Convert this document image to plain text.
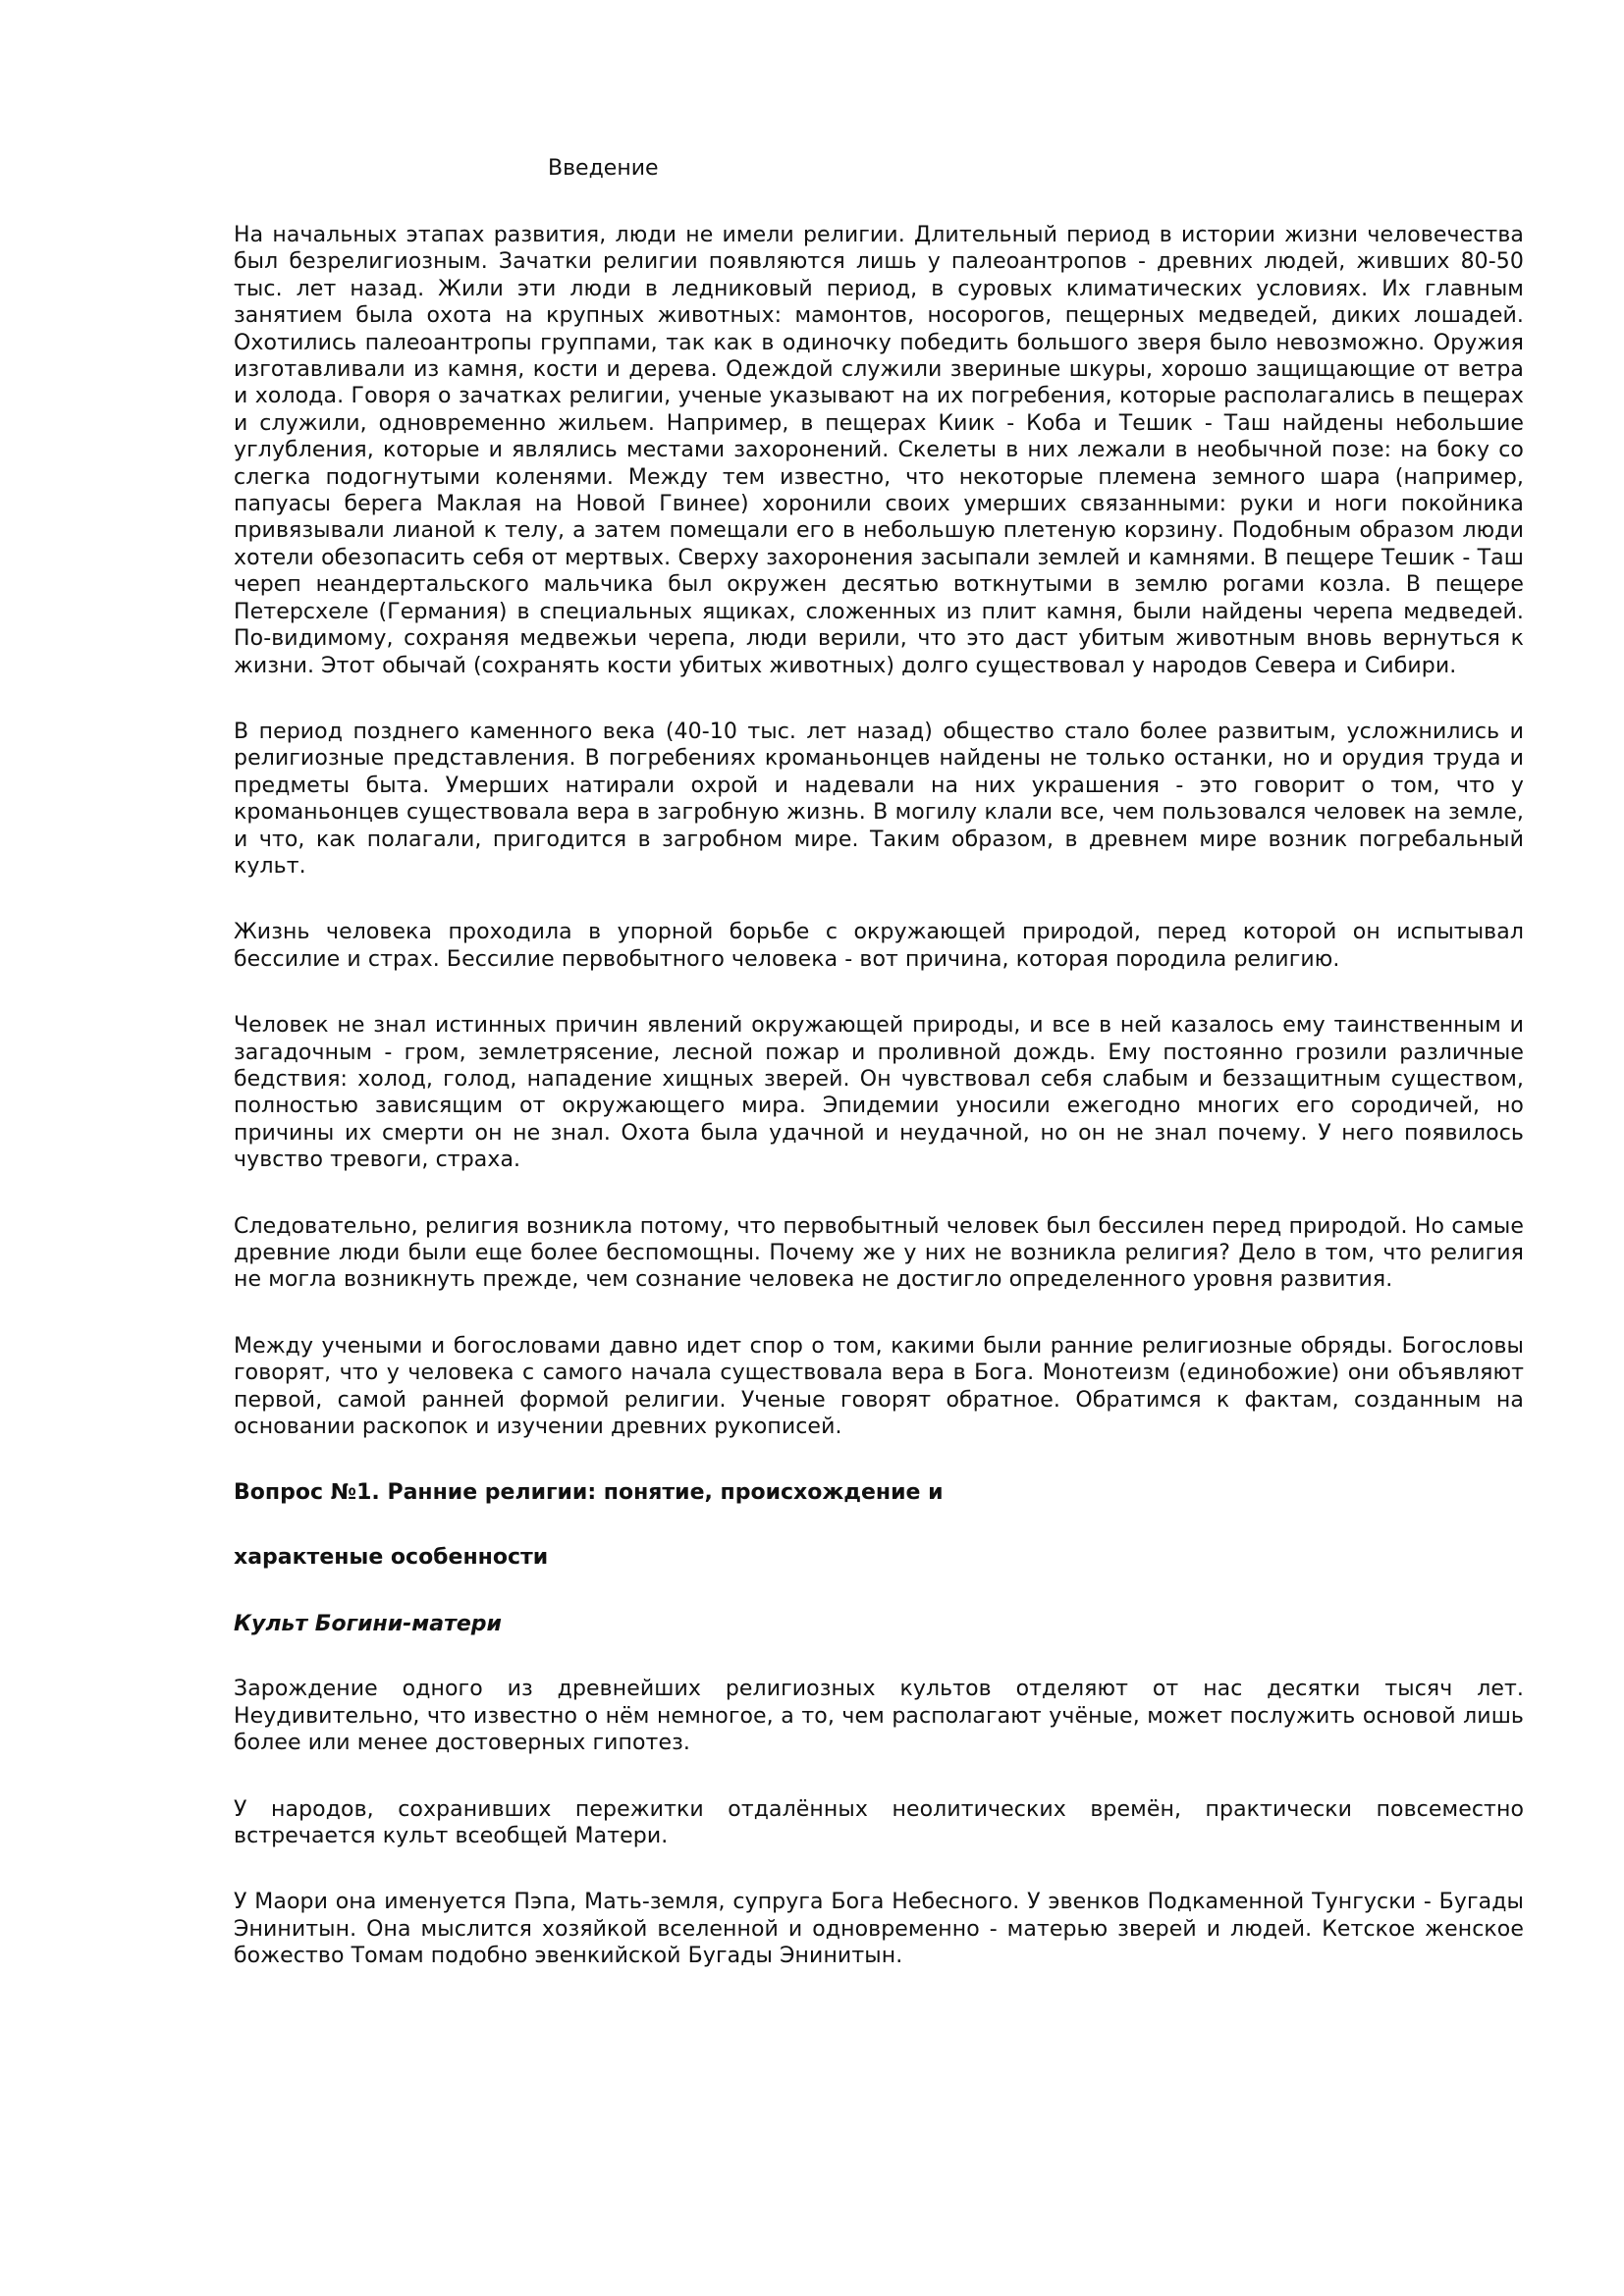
Введение

На начальных этапах развития, люди не имели религии. Длительный период в истории жизни человечества был безрелигиозным. Зачатки религии появляются лишь у палеоантропов - древних людей, живших 80-50 тыс. лет назад. Жили эти люди в ледниковый период, в суровых климатических условиях. Их главным занятием была охота на крупных животных: мамонтов, носорогов, пещерных медведей, диких лошадей. Охотились палеоантропы группами, так как в одиночку победить большого зверя было невозможно. Оружия изготавливали из камня, кости и дерева. Одеждой служили звериные шкуры, хорошо защищающие от ветра и холода. Говоря о зачатках религии, ученые указывают на их погребения, которые располагались в пещерах и служили, одновременно жильем. Например, в пещерах Киик - Коба и Тешик - Таш найдены небольшие углубления, которые и являлись местами захоронений. Скелеты в них лежали в необычной позе: на боку со слегка подогнутыми коленями. Между тем известно, что некоторые племена земного шара (например, папуасы берега Маклая на Новой Гвинее) хоронили своих умерших связанными: руки и ноги покойника привязывали лианой к телу, а затем помещали его в небольшую плетеную корзину. Подобным образом люди хотели обезопасить себя от мертвых. Сверху захоронения засыпали землей и камнями. В пещере Тешик - Таш череп неандертальского мальчика был окружен десятью воткнутыми в землю рогами козла. В пещере Петерсхеле (Германия) в специальных ящиках, сложенных из плит камня, были найдены черепа медведей. По-видимому, сохраняя медвежьи черепа, люди верили, что это даст убитым животным вновь вернуться к жизни. Этот обычай (сохранять кости убитых животных) долго существовал у народов Севера и Сибири.

В период позднего каменного века (40-10 тыс. лет назад) общество стало более развитым, усложнились и религиозные представления. В погребениях кроманьонцев найдены не только останки, но и орудия труда и предметы быта. Умерших натирали охрой и надевали на них украшения - это говорит о том, что у кроманьонцев существовала вера в загробную жизнь. В могилу клали все, чем пользовался человек на земле, и что, как полагали, пригодится в загробном мире. Таким образом, в древнем мире возник погребальный культ.

Жизнь человека проходила в упорной борьбе с окружающей природой, перед которой он испытывал бессилие и страх. Бессилие первобытного человека - вот причина, которая породила религию.

Человек не знал истинных причин явлений окружающей природы, и все в ней казалось ему таинственным и загадочным - гром, землетрясение, лесной пожар и проливной дождь. Ему постоянно грозили различные бедствия: холод, голод, нападение хищных зверей. Он чувствовал себя слабым и беззащитным существом, полностью зависящим от окружающего мира. Эпидемии уносили ежегодно многих его сородичей, но причины их смерти он не знал. Охота была удачной и неудачной, но он не знал почему. У него появилось чувство тревоги, страха.

Следовательно, религия возникла потому, что первобытный человек был бессилен перед природой. Но самые древние люди были еще более беспомощны. Почему же у них не возникла религия? Дело в том, что религия не могла возникнуть прежде, чем сознание человека не достигло определенного уровня развития.

Между учеными и богословами давно идет спор о том, какими были ранние религиозные обряды. Богословы говорят, что у человека с самого начала существовала вера в Бога. Монотеизм (единобожие) они объявляют первой, самой ранней формой религии. Ученые говорят обратное. Обратимся к фактам, созданным на основании раскопок и изучении древних рукописей.

Вопрос №1. Ранние религии: понятие, происхождение и
характеные особенности
Культ Богини-матери

Зарождение одного из древнейших религиозных культов отделяют от нас десятки тысяч лет. Неудивительно, что известно о нём немногое, а то, чем располагают учёные, может послужить основой лишь более или менее достоверных гипотез.

У народов, сохранивших пережитки отдалённых неолитических времён, практически повсеместно встречается культ всеобщей Матери.

У Маори она именуется Пэпа, Мать-земля, супруга Бога Небесного. У эвенков Подкаменной Тунгуски - Бугады Энинитын. Она мыслится хозяйкой вселенной и одновременно - матерью зверей и людей. Кетское женское божество Томам подобно эвенкийской Бугады Энинитын.
